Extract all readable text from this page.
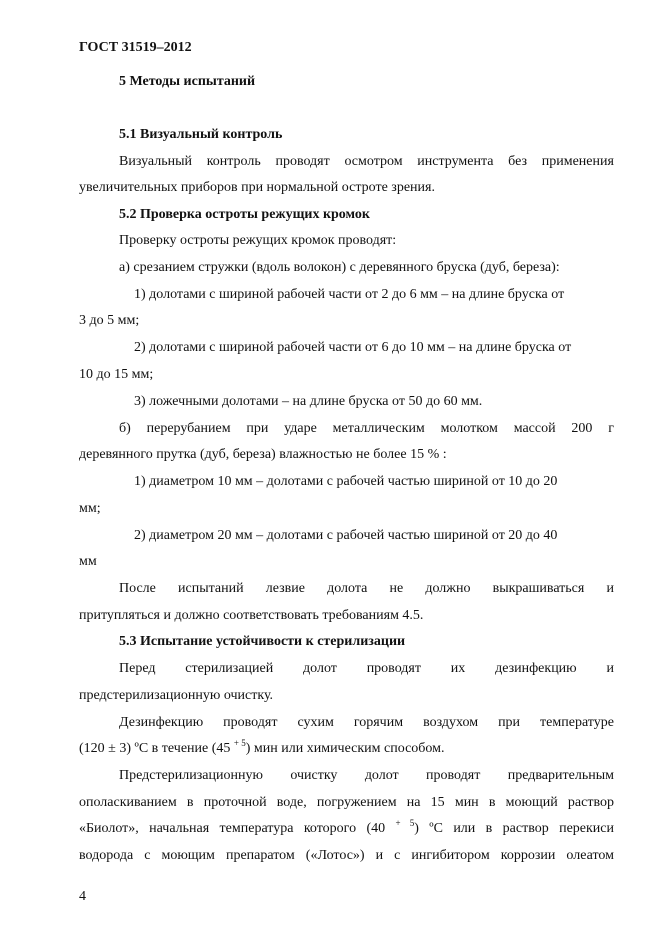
ГОСТ 31519–2012
5 Методы испытаний
5.1 Визуальный контроль
Визуальный контроль проводят осмотром инструмента без применения
увеличительных приборов при нормальной остроте зрения.
5.2 Проверка остроты режущих кромок
Проверку остроты режущих кромок проводят:
а) срезанием стружки (вдоль волокон) с деревянного бруска (дуб, береза):
1) долотами с шириной рабочей части от 2 до 6 мм – на длине бруска от
3 до 5 мм;
2) долотами с шириной рабочей части от 6 до 10 мм – на длине бруска от
10 до 15 мм;
3) ложечными долотами – на длине бруска от 50 до 60 мм.
б) перерубанием при ударе металлическим молотком массой 200 г
деревянного прутка (дуб, береза) влажностью не более 15 % :
1) диаметром 10 мм – долотами с рабочей частью шириной от 10 до 20
мм;
2) диаметром 20 мм – долотами с рабочей частью шириной от 20 до 40
мм
После испытаний лезвие долота не должно выкрашиваться и
притупляться и должно соответствовать требованиям 4.5.
5.3 Испытание устойчивости к стерилизации
Перед стерилизацией долот проводят их дезинфекцию и
предстерилизационную очистку.
Дезинфекцию проводят сухим горячим воздухом при температуре
(120 ± 3) ºС в течение (45 $^{+ 5}$) мин или химическим способом.
Предстерилизационную очистку долот проводят предварительным
ополаскиванием в проточной воде, погружением на 15 мин в моющий раствор
«Биолот», начальная температура которого (40 $^{+ 5}$) ºС или в раствор перекиси
водорода с моющим препаратом («Лотос») и с ингибитором коррозии олеатом
4
